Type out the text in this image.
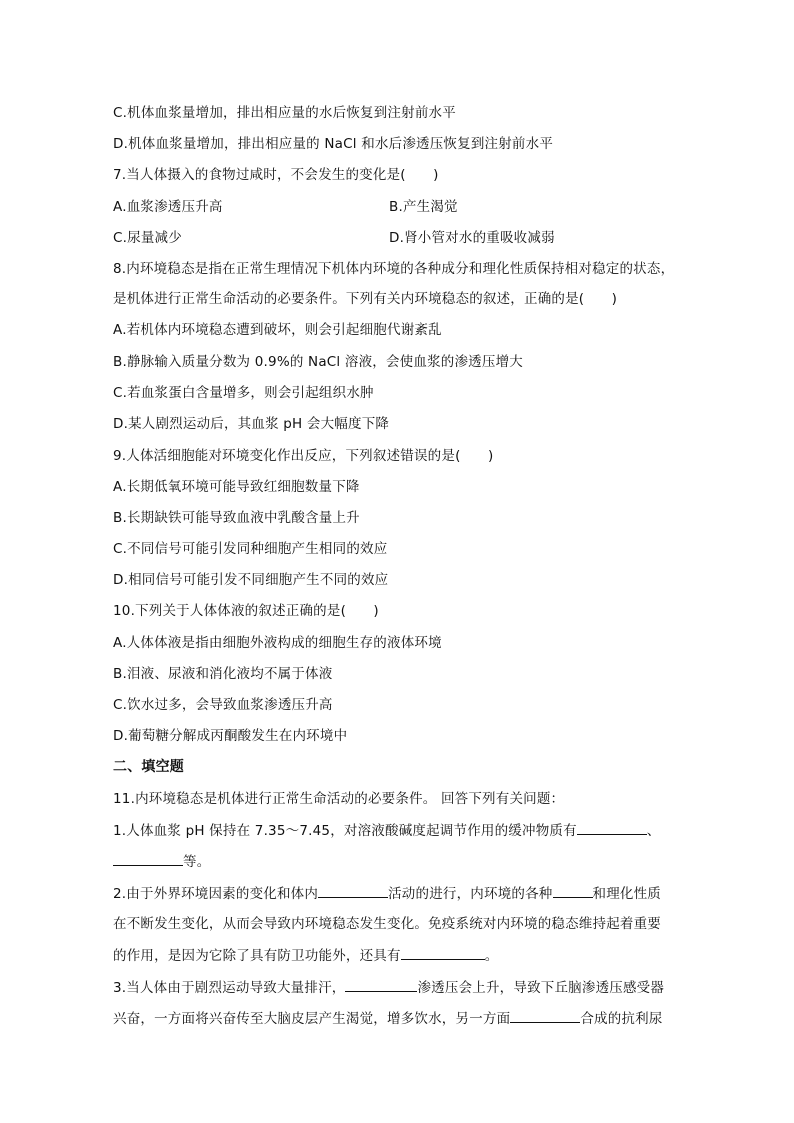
C.机体血浆量增加，排出相应量的水后恢复到注射前水平
D.机体血浆量增加，排出相应量的 NaCl 和水后渗透压恢复到注射前水平
7.当人体摄入的食物过咸时，不会发生的变化是(　　)
A.血浆渗透压升高	B.产生渴觉
C.尿量减少	D.肾小管对水的重吸收减弱
8.内环境稳态是指在正常生理情况下机体内环境的各种成分和理化性质保持相对稳定的状态，
是机体进行正常生命活动的必要条件。下列有关内环境稳态的叙述，正确的是(　　)
A.若机体内环境稳态遭到破坏，则会引起细胞代谢紊乱
B.静脉输入质量分数为 0.9%的 NaCl 溶液，会使血浆的渗透压增大
C.若血浆蛋白含量增多，则会引起组织水肿
D.某人剧烈运动后，其血浆 pH 会大幅度下降
9.人体活细胞能对环境变化作出反应，下列叙述错误的是(　　)
A.长期低氧环境可能导致红细胞数量下降
B.长期缺铁可能导致血液中乳酸含量上升
C.不同信号可能引发同种细胞产生相同的效应
D.相同信号可能引发不同细胞产生不同的效应
10.下列关于人体体液的叙述正确的是(　　)
A.人体体液是指由细胞外液构成的细胞生存的液体环境
B.泪液、尿液和消化液均不属于体液
C.饮水过多，会导致血浆渗透压升高
D.葡萄糖分解成丙酮酸发生在内环境中
二、填空题
11.内环境稳态是机体进行正常生命活动的必要条件。 回答下列有关问题：
1.人体血浆 pH 保持在 7.35～7.45，对溶液酸碱度起调节作用的缓冲物质有	、
等。
2.由于外界环境因素的变化和体内	活动的进行，内环境的各种	和理化性质
在不断发生变化，从而会导致内环境稳态发生变化。免疫系统对内环境的稳态维持起着重要
的作用，是因为它除了具有防卫功能外，还具有	。
3.当人体由于剧烈运动导致大量排汗，	渗透压会上升，导致下丘脑渗透压感受器
兴奋，一方面将兴奋传至大脑皮层产生渴觉，增多饮水，另一方面	合成的抗利尿
